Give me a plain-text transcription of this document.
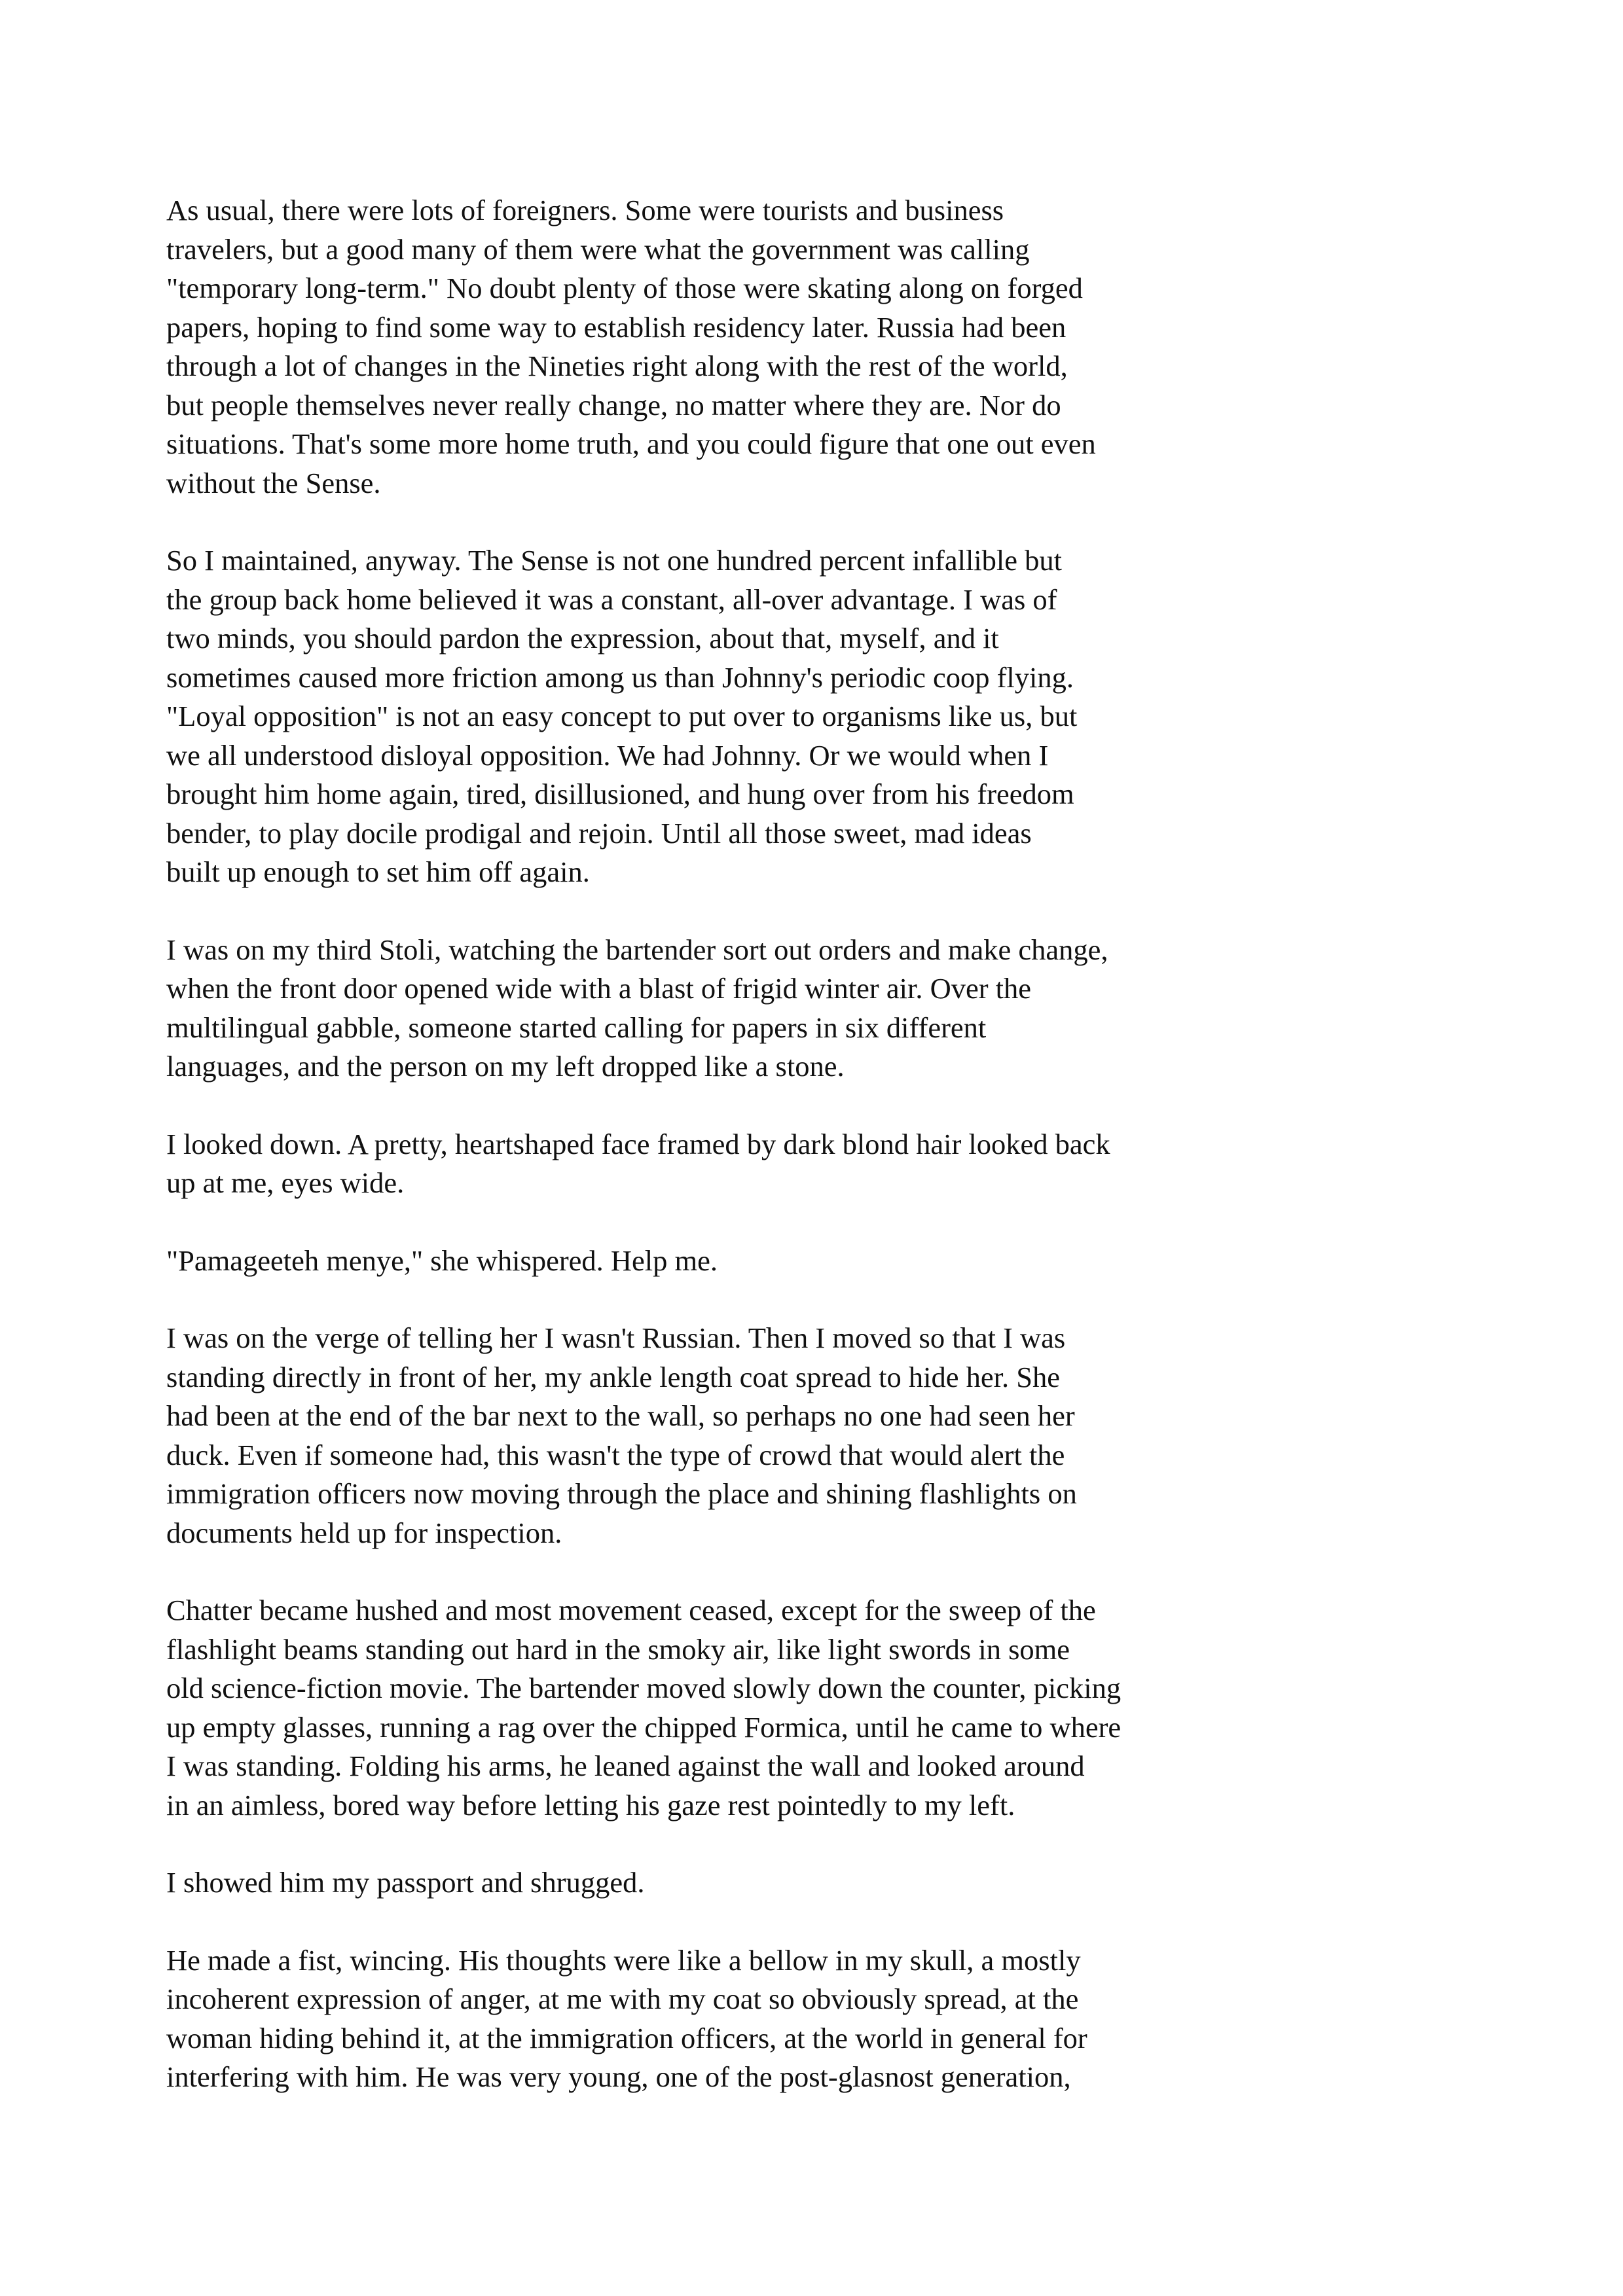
As usual, there were lots of foreigners. Some were tourists and business
travelers, but a good many of them were what the government was calling
"temporary long-term." No doubt plenty of those were skating along on forged
papers, hoping to find some way to establish residency later. Russia had been
through a lot of changes in the Nineties right along with the rest of the world,
but people themselves never really change, no matter where they are. Nor do
situations. That's some more home truth, and you could figure that one out even
without the Sense.
So I maintained, anyway. The Sense is not one hundred percent infallible but
the group back home believed it was a constant, all-over advantage. I was of
two minds, you should pardon the expression, about that, myself, and it
sometimes caused more friction among us than Johnny's periodic coop flying.
"Loyal opposition" is not an easy concept to put over to organisms like us, but
we all understood disloyal opposition. We had Johnny. Or we would when I
brought him home again, tired, disillusioned, and hung over from his freedom
bender, to play docile prodigal and rejoin. Until all those sweet, mad ideas
built up enough to set him off again.
I was on my third Stoli, watching the bartender sort out orders and make change,
when the front door opened wide with a blast of frigid winter air. Over the
multilingual gabble, someone started calling for papers in six different
languages, and the person on my left dropped like a stone.
I looked down. A pretty, heartshaped face framed by dark blond hair looked back
up at me, eyes wide.
"Pamageeteh menye," she whispered. Help me.
I was on the verge of telling her I wasn't Russian. Then I moved so that I was
standing directly in front of her, my ankle length coat spread to hide her. She
had been at the end of the bar next to the wall, so perhaps no one had seen her
duck. Even if someone had, this wasn't the type of crowd that would alert the
immigration officers now moving through the place and shining flashlights on
documents held up for inspection.
Chatter became hushed and most movement ceased, except for the sweep of the
flashlight beams standing out hard in the smoky air, like light swords in some
old science-fiction movie. The bartender moved slowly down the counter, picking
up empty glasses, running a rag over the chipped Formica, until he came to where
I was standing. Folding his arms, he leaned against the wall and looked around
in an aimless, bored way before letting his gaze rest pointedly to my left.
I showed him my passport and shrugged.
He made a fist, wincing. His thoughts were like a bellow in my skull, a mostly
incoherent expression of anger, at me with my coat so obviously spread, at the
woman hiding behind it, at the immigration officers, at the world in general for
interfering with him. He was very young, one of the post-glasnost generation,
